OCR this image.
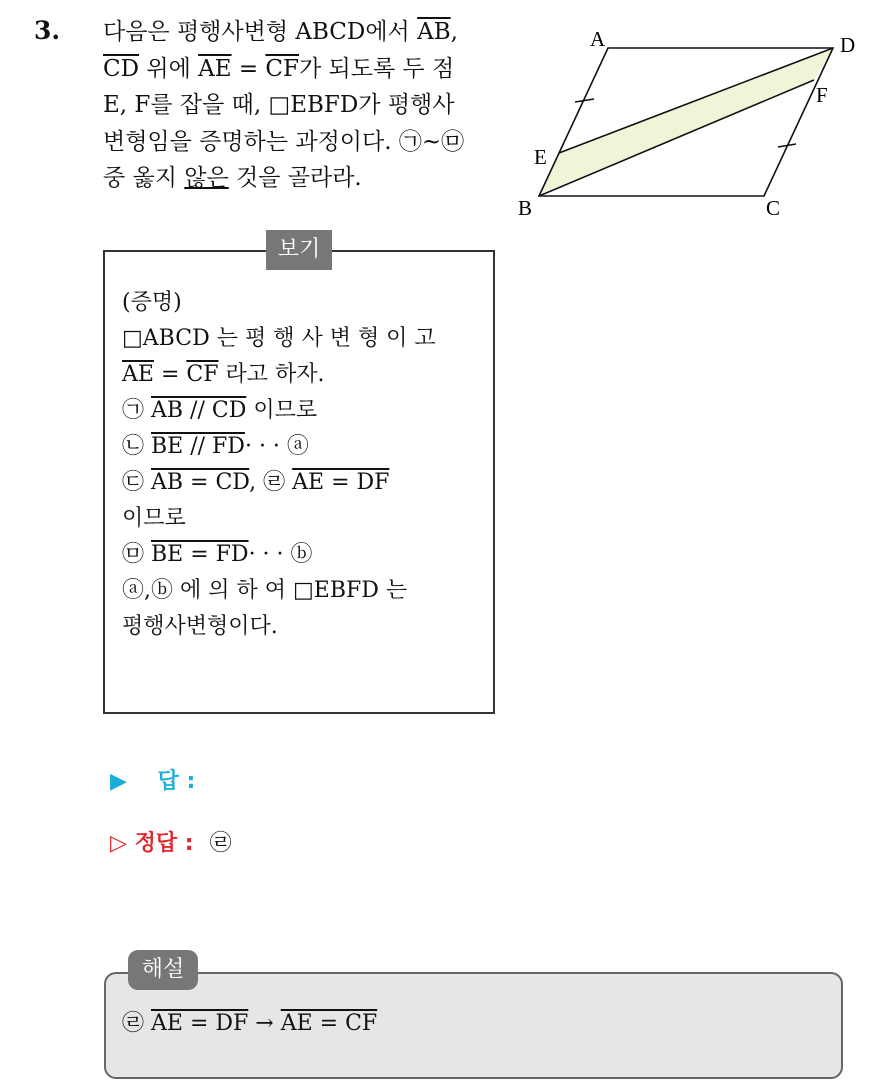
3. 다음은 평행사변형 ABCD에서 $\overline{AB}$,
$\overline{CD}$ 위에 $\overline{AE} = \overline{CF}$가 되도록 두 점
E, F를 잡을 때, □EBFD가 평행사
변형임을 증명하는 과정이다. ㉠~㉤
중 옳지 않은 것을 골라라.
A	D
F
E
B	C
보기
(증명)
□ABCD 는 평 행 사 변 형 이 고
$\overline{AE} = \overline{CF}$ 라고 하자.
㉠ AB // CD 이므로
㉡ BE // FD· · · ⓐ
㉢ AB = CD, ㉣ AE = DF
이므로
㉤ BE = FD· · · ⓑ
ⓐ,ⓑ 에 의 하 여 □EBFD 는
평행사변형이다.
▶ 답 :
▷ 정답 : ㉣
해설
㉣ AE = DF → AE = CF
